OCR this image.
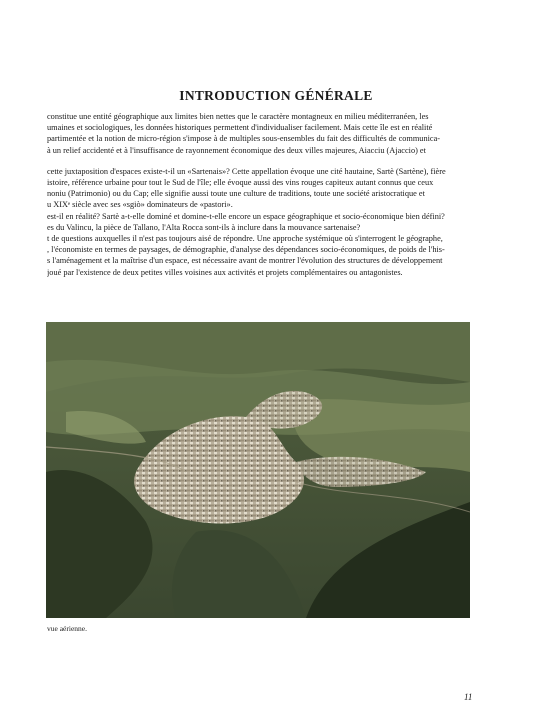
INTRODUCTION GÉNÉRALE

constitue une entité géographique aux limites bien nettes que le caractère montagneux en milieu méditerranéen, les
umaines et sociologiques, les données historiques permettent d'individualiser facilement. Mais cette île est en réalité
partimentée et la notion de micro-région s'impose à de multiples sous-ensembles du fait des difficultés de communica-
à un relief accidenté et à l'insuffisance de rayonnement économique des deux villes majeures, Aiacciu (Ajaccio) et

cette juxtaposition d'espaces existe-t-il un «Sartenais»? Cette appellation évoque une cité hautaine, Sartè (Sartène), fière
istoire, référence urbaine pour tout le Sud de l'île; elle évoque aussi des vins rouges capiteux autant connus que ceux
noniu (Patrimonio) ou du Cap; elle signifie aussi toute une culture de traditions, toute une société aristocratique et
u XIXᵉ siècle avec ses «sgiò» dominateurs de «pastori».
est-il en réalité? Sartè a-t-elle dominé et domine-t-elle encore un espace géographique et socio-économique bien défini?
es du Valincu, la pièce de Tallano, l'Alta Rocca sont-ils à inclure dans la mouvance sartenaise?
t de questions auxquelles il n'est pas toujours aisé de répondre. Une approche systémique où s'interrogent le géographe,
, l'économiste en termes de paysages, de démographie, d'analyse des dépendances socio-économiques, de poids de l'his-
s l'aménagement et la maîtrise d'un espace, est nécessaire avant de montrer l'évolution des structures de développement
joué par l'existence de deux petites villes voisines aux activités et projets complémentaires ou antagonistes.

vue aérienne.

11
